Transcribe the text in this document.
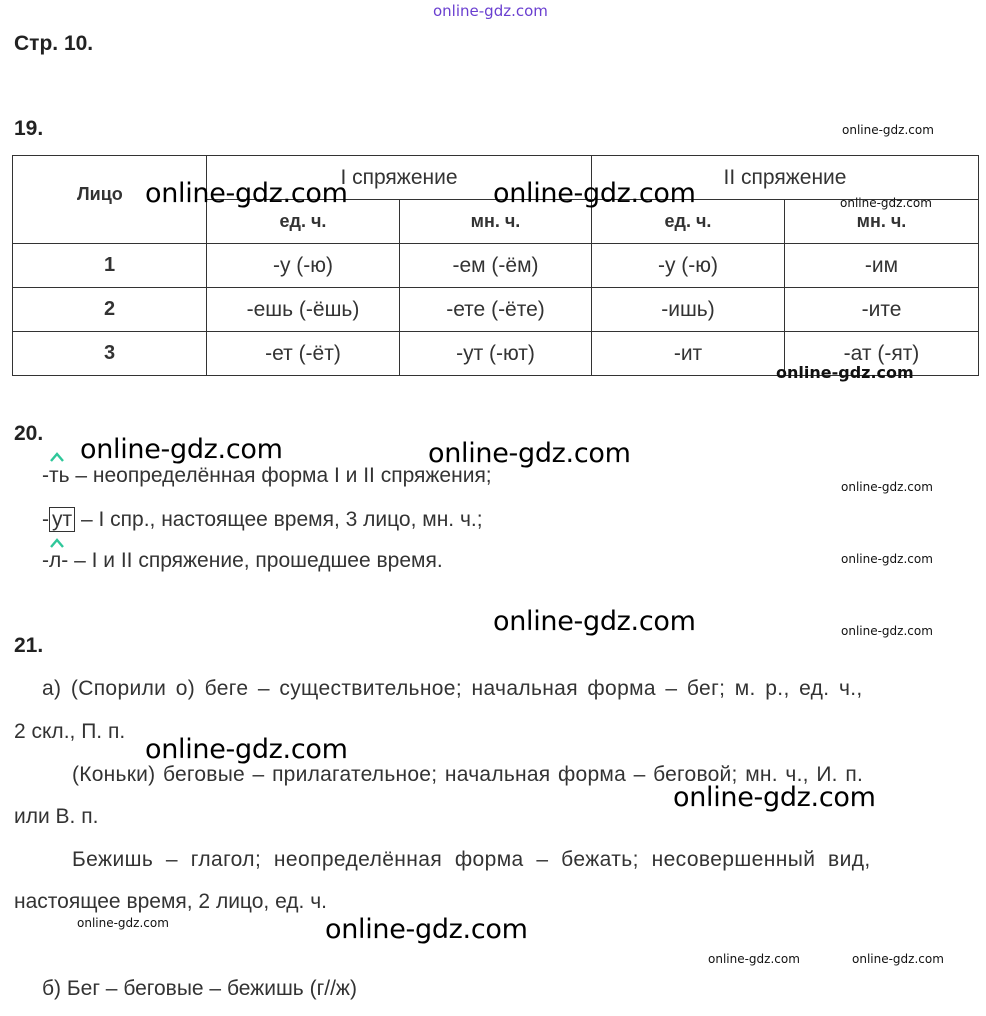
online-gdz.com
Стр. 10.
19.
Лицо	I спряжение		II спряжение	
	ед. ч.	мн. ч.	ед. ч.	мн. ч.
1	-у (-ю)	-ем (-ём)	-у (-ю)	-им
2	-ешь (-ёшь)	-ете (-ёте)	-ишь)	-ите
3	-ет (-ёт)	-ут (-ют)	-ит	-ат (-ят)
20.
-ть – неопределённая форма I и II спряжения;
- ут – I спр., настоящее время, 3 лицо, мн. ч.;
-л- – I и II спряжение, прошедшее время.
21.
а) (Спорили о) беге – существительное; начальная форма – бег; м. р., ед. ч.,
2 скл., П. п.
(Коньки) беговые – прилагательное; начальная форма – беговой; мн. ч., И. п.
или В. п.
Бежишь – глагол; неопределённая форма – бежать; несовершенный вид,
настоящее время, 2 лицо, ед. ч.
б) Бег – беговые – бежишь (г//ж)
online-gdz.com
online-gdz.com
online-gdz.com
online-gdz.com
online-gdz.com
online-gdz.com
online-gdz.com	online-gdz.com
online-gdz.com
online-gdz.com	online-gdz.com
online-gdz.com	online-gdz.com
online-gdz.com
online-gdz.com
online-gdz.com
online-gdz.com
